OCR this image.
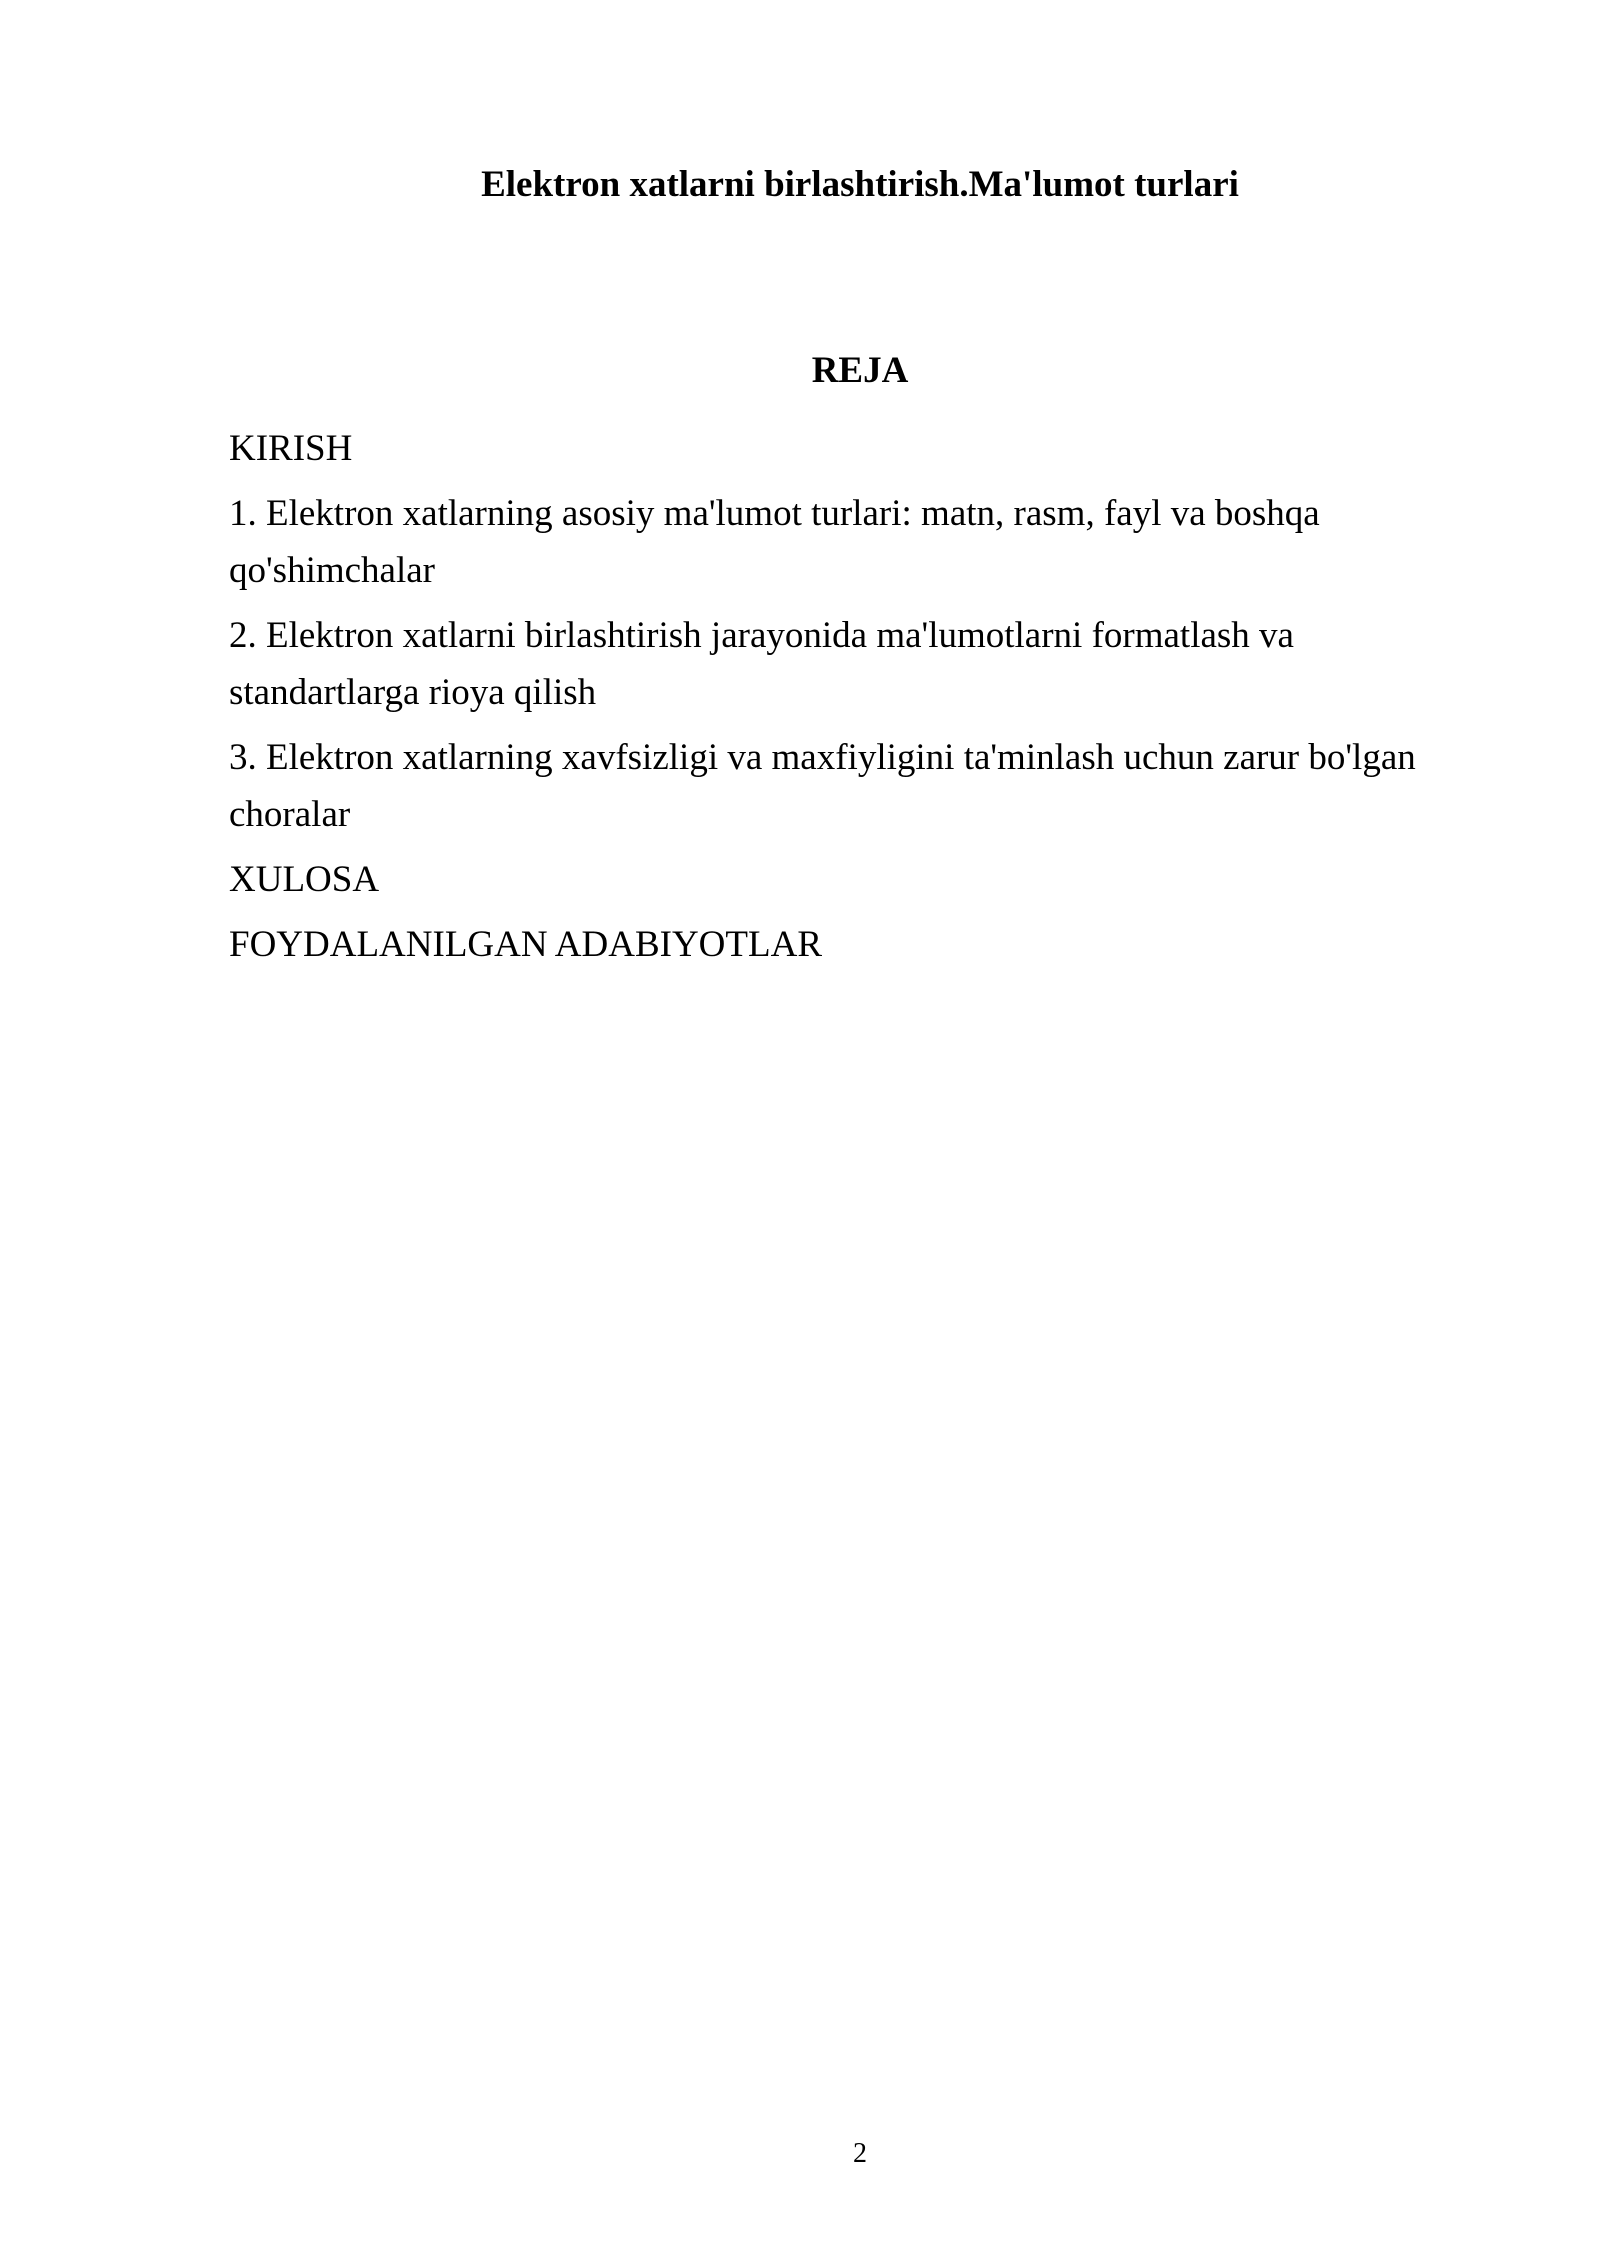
Elektron xatlarni birlashtirish.Ma'lumot turlari
REJA
KIRISH
1. Elektron xatlarning asosiy ma'lumot turlari: matn, rasm, fayl va boshqa qo'shimchalar
2. Elektron xatlarni birlashtirish jarayonida ma'lumotlarni formatlash va standartlarga rioya qilish
3. Elektron xatlarning xavfsizligi va maxfiyligini ta'minlash uchun zarur bo'lgan choralar
XULOSA
FOYDALANILGAN ADABIYOTLAR
2
